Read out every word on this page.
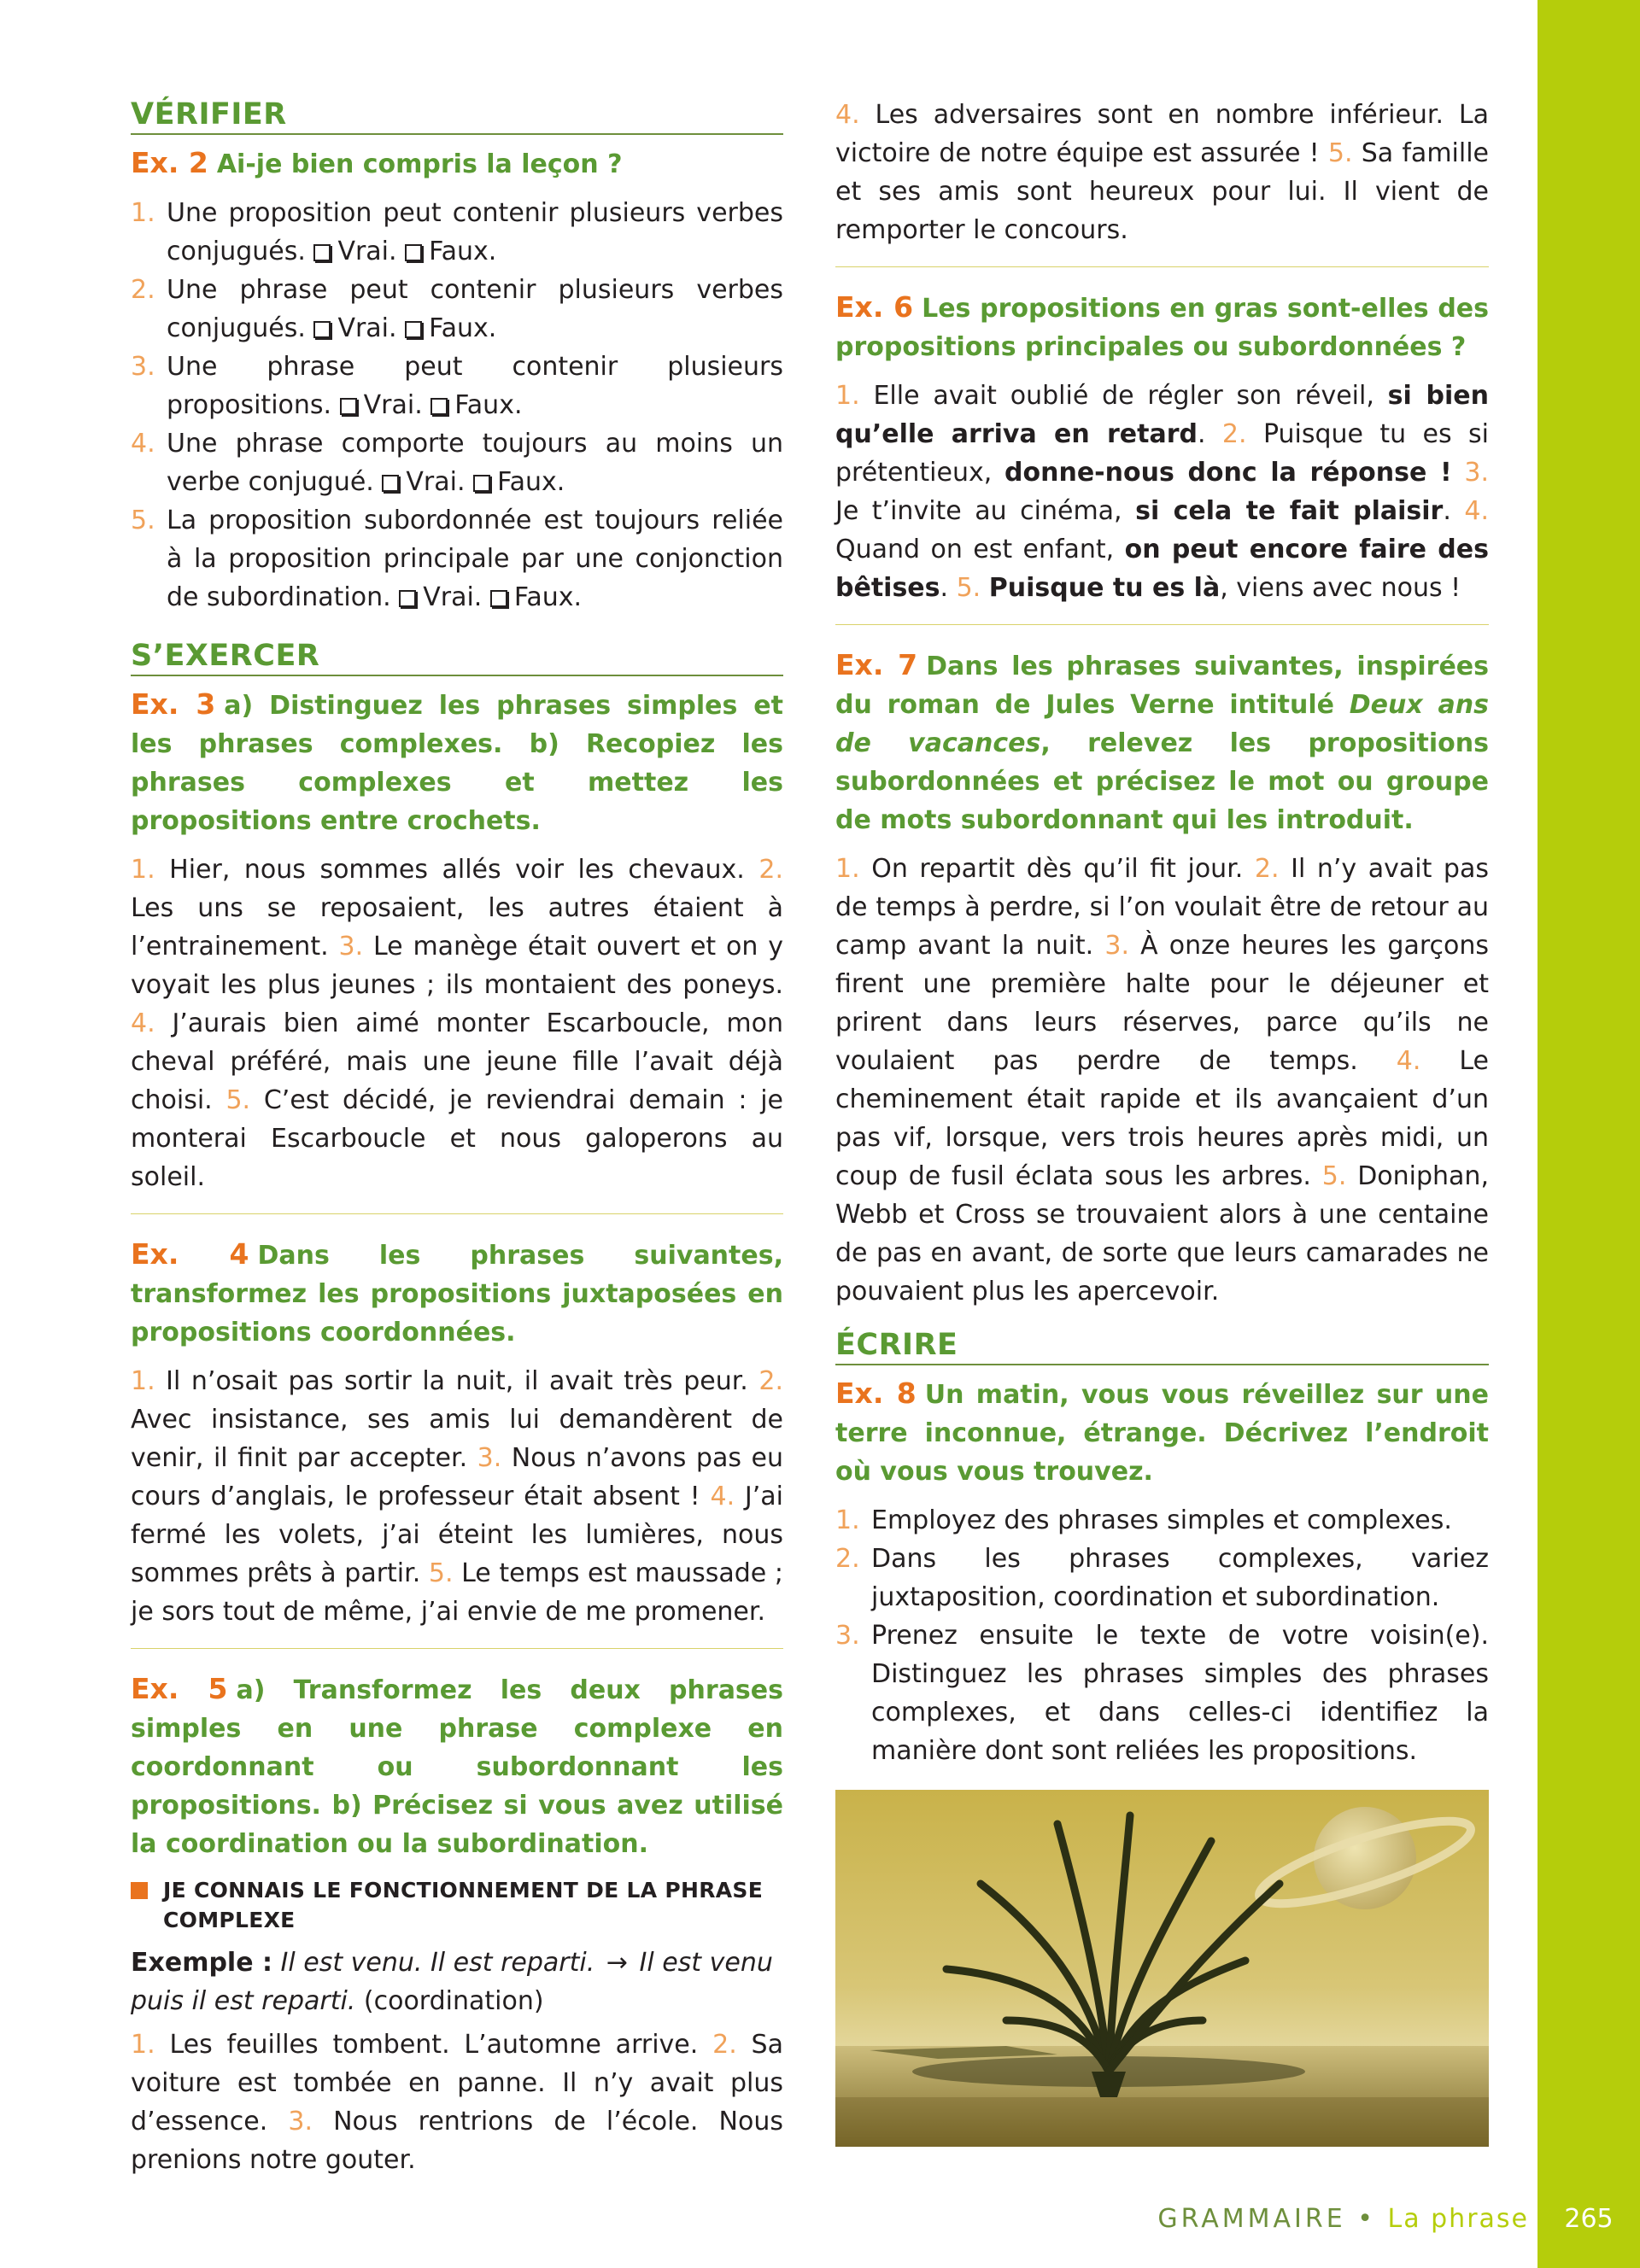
VÉRIFIER
Ex. 2 Ai-je bien compris la leçon ?
1. Une proposition peut contenir plusieurs verbes conjugués. Vrai. Faux.
2. Une phrase peut contenir plusieurs verbes conjugués. Vrai. Faux.
3. Une phrase peut contenir plusieurs propositions. Vrai. Faux.
4. Une phrase comporte toujours au moins un verbe conjugué. Vrai. Faux.
5. La proposition subordonnée est toujours reliée à la proposition principale par une conjonction de subordination. Vrai. Faux.
S’EXERCER
Ex. 3 a) Distinguez les phrases simples et les phrases complexes. b) Recopiez les phrases complexes et mettez les propositions entre crochets.

1. Hier, nous sommes allés voir les chevaux. 2. Les uns se reposaient, les autres étaient à l’entrainement. 3. Le manège était ouvert et on y voyait les plus jeunes ; ils montaient des poneys. 4. J’aurais bien aimé monter Escarboucle, mon cheval préféré, mais une jeune fille l’avait déjà choisi. 5. C’est décidé, je reviendrai demain : je monterai Escarboucle et nous galoperons au soleil.

Ex. 4 Dans les phrases suivantes, transformez les propositions juxtaposées en propositions coordonnées.

1. Il n’osait pas sortir la nuit, il avait très peur. 2. Avec insistance, ses amis lui demandèrent de venir, il finit par accepter. 3. Nous n’avons pas eu cours d’anglais, le professeur était absent ! 4. J’ai fermé les volets, j’ai éteint les lumières, nous sommes prêts à partir. 5. Le temps est maussade ; je sors tout de même, j’ai envie de me promener.

Ex. 5 a) Transformez les deux phrases simples en une phrase complexe en coordonnant ou subordonnant les propositions. b) Précisez si vous avez utilisé la coordination ou la subordination.
JE CONNAIS LE FONCTIONNEMENT DE LA PHRASE COMPLEXE
Exemple : Il est venu. Il est reparti. → Il est venu puis il est reparti. (coordination)

1. Les feuilles tombent. L’automne arrive. 2. Sa voiture est tombée en panne. Il n’y avait plus d’essence. 3. Nous rentrions de l’école. Nous prenions notre gouter.

4. Les adversaires sont en nombre inférieur. La victoire de notre équipe est assurée ! 5. Sa famille et ses amis sont heureux pour lui. Il vient de remporter le concours.

Ex. 6 Les propositions en gras sont-elles des propositions principales ou subordonnées ?

1. Elle avait oublié de régler son réveil, si bien qu’elle arriva en retard. 2. Puisque tu es si prétentieux, donne-nous donc la réponse ! 3. Je t’invite au cinéma, si cela te fait plaisir. 4. Quand on est enfant, on peut encore faire des bêtises. 5. Puisque tu es là, viens avec nous !

Ex. 7 Dans les phrases suivantes, inspirées du roman de Jules Verne intitulé Deux ans de vacances, relevez les propositions subordonnées et précisez le mot ou groupe de mots subordonnant qui les introduit.

1. On repartit dès qu’il fit jour. 2. Il n’y avait pas de temps à perdre, si l’on voulait être de retour au camp avant la nuit. 3. À onze heures les garçons firent une première halte pour le déjeuner et prirent dans leurs réserves, parce qu’ils ne voulaient pas perdre de temps. 4. Le cheminement était rapide et ils avançaient d’un pas vif, lorsque, vers trois heures après midi, un coup de fusil éclata sous les arbres. 5. Doniphan, Webb et Cross se trouvaient alors à une centaine de pas en avant, de sorte que leurs camarades ne pouvaient plus les apercevoir.

ÉCRIRE
Ex. 8 Un matin, vous vous réveillez sur une terre inconnue, étrange. Décrivez l’endroit où vous vous trouvez.
1. Employez des phrases simples et complexes.
2. Dans les phrases complexes, variez juxtaposition, coordination et subordination.
3. Prenez ensuite le texte de votre voisin(e). Distinguez les phrases simples des phrases complexes, et dans celles-ci identifiez la manière dont sont reliées les propositions.
GRAMMAIRE • La phrase	265
